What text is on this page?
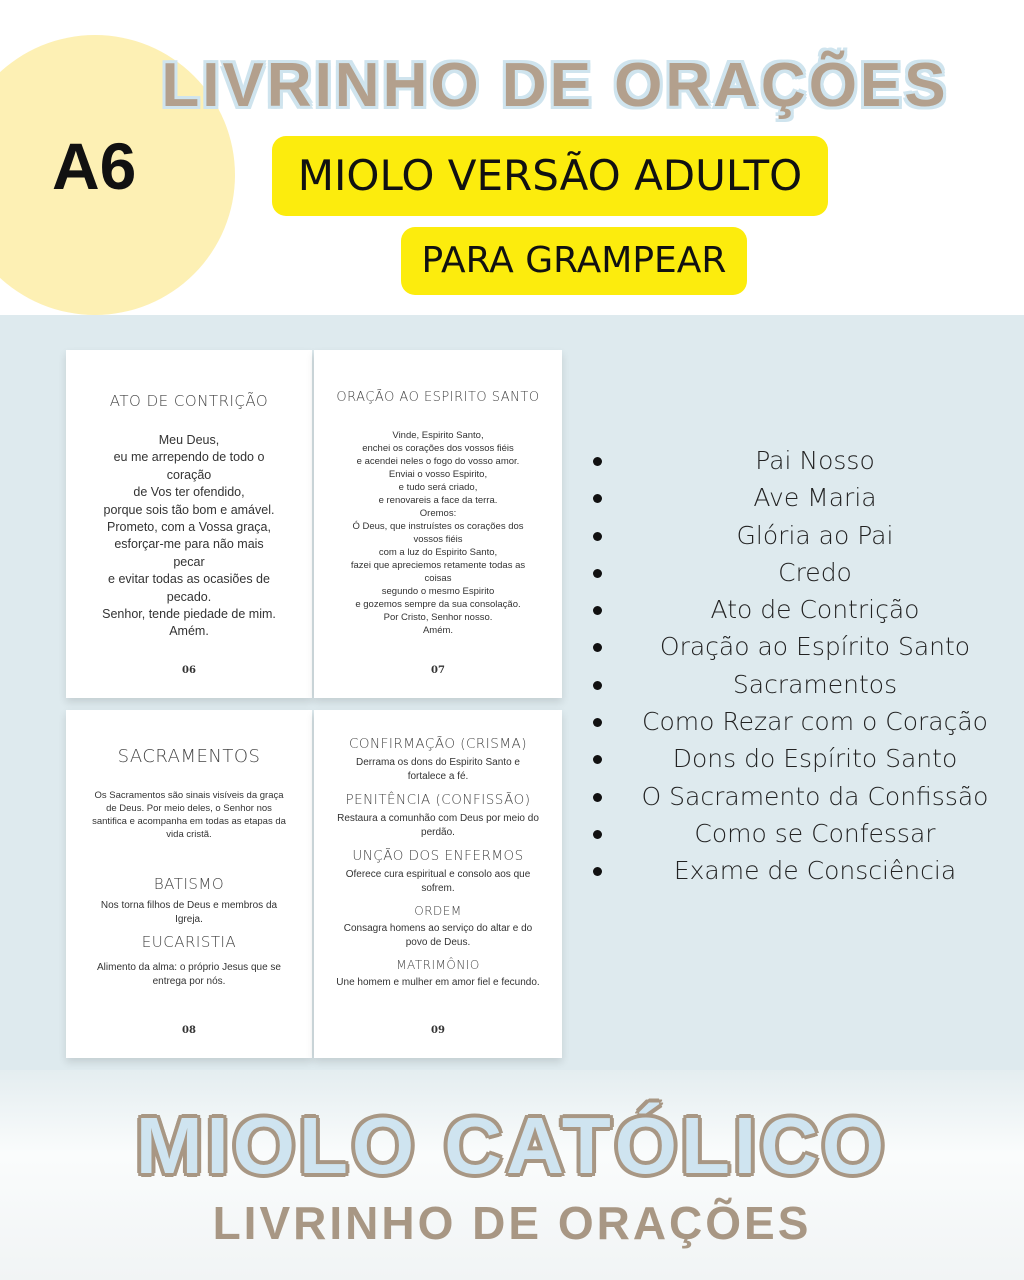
A6
LIVRINHO DE ORAÇÕES
MIOLO VERSÃO ADULTO
PARA GRAMPEAR
ATO DE CONTRIÇÃO
Meu Deus,
eu me arrependo de todo o
coração
de Vos ter ofendido,
porque sois tão bom e amável.
Prometo, com a Vossa graça,
esforçar-me para não mais
pecar
e evitar todas as ocasiões de
pecado.
Senhor, tende piedade de mim.
Amém.
06
ORAÇÃO AO ESPIRITO SANTO
Vinde, Espirito Santo,
enchei os corações dos vossos fiéis
e acendei neles o fogo do vosso amor.
Enviai o vosso Espirito,
e tudo será criado,
e renovareis a face da terra.
Oremos:
Ó Deus, que instruístes os corações dos
vossos fiéis
com a luz do Espirito Santo,
fazei que apreciemos retamente todas as
coisas
segundo o mesmo Espirito
e gozemos sempre da sua consolação.
Por Cristo, Senhor nosso.
Amém.
07
SACRAMENTOS
Os Sacramentos são sinais visíveis da graça de Deus. Por meio deles, o Senhor nos santifica e acompanha em todas as etapas da vida cristã.
BATISMO
Nos torna filhos de Deus e membros da Igreja.
EUCARISTIA
Alimento da alma: o próprio Jesus que se entrega por nós.
08
CONFIRMAÇÃO (CRISMA)
Derrama os dons do Espirito Santo e fortalece a fé.
PENITÊNCIA (CONFISSÃO)
Restaura a comunhão com Deus por meio do perdão.
UNÇÃO DOS ENFERMOS
Oferece cura espiritual e consolo aos que sofrem.
ORDEM
Consagra homens ao serviço do altar e do povo de Deus.
MATRIMÔNIO
Une homem e mulher em amor fiel e fecundo.
09
Pai Nosso
Ave Maria
Glória ao Pai
Credo
Ato de Contrição
Oração ao Espírito Santo
Sacramentos
Como Rezar com o Coração
Dons do Espírito Santo
O Sacramento da Confissão
Como se Confessar
Exame de Consciência
MIOLO CATÓLICO
LIVRINHO DE ORAÇÕES
